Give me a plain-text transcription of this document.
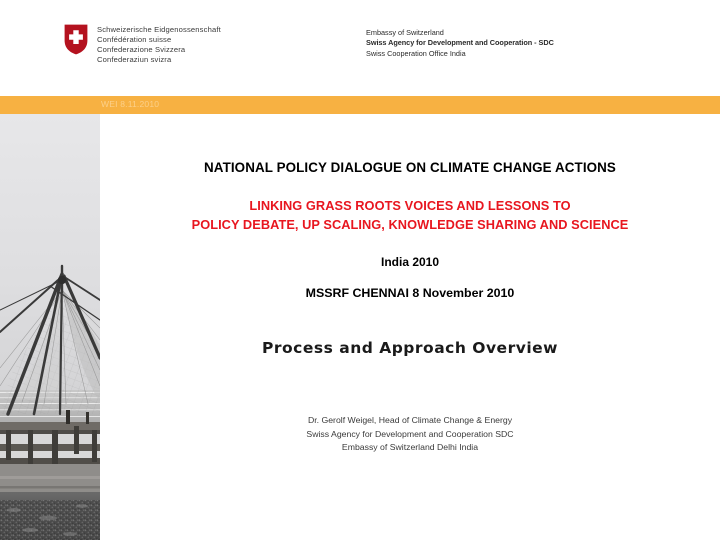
Schweizerische Eidgenossenschaft
Confédération suisse
Confederazione Svizzera
Confederaziun svizra
Embassy of Switzerland
Swiss Agency for Development and Cooperation - SDC
Swiss Cooperation Office India
WEI 8.11.2010
NATIONAL POLICY DIALOGUE ON CLIMATE CHANGE ACTIONS
LINKING GRASS ROOTS VOICES AND LESSONS TO
POLICY DEBATE, UP SCALING, KNOWLEDGE SHARING AND SCIENCE
India 2010
MSSRF CHENNAI 8 November 2010
Process and Approach Overview
Dr. Gerolf Weigel, Head of Climate Change & Energy
Swiss Agency for Development and Cooperation SDC
Embassy of Switzerland Delhi India
